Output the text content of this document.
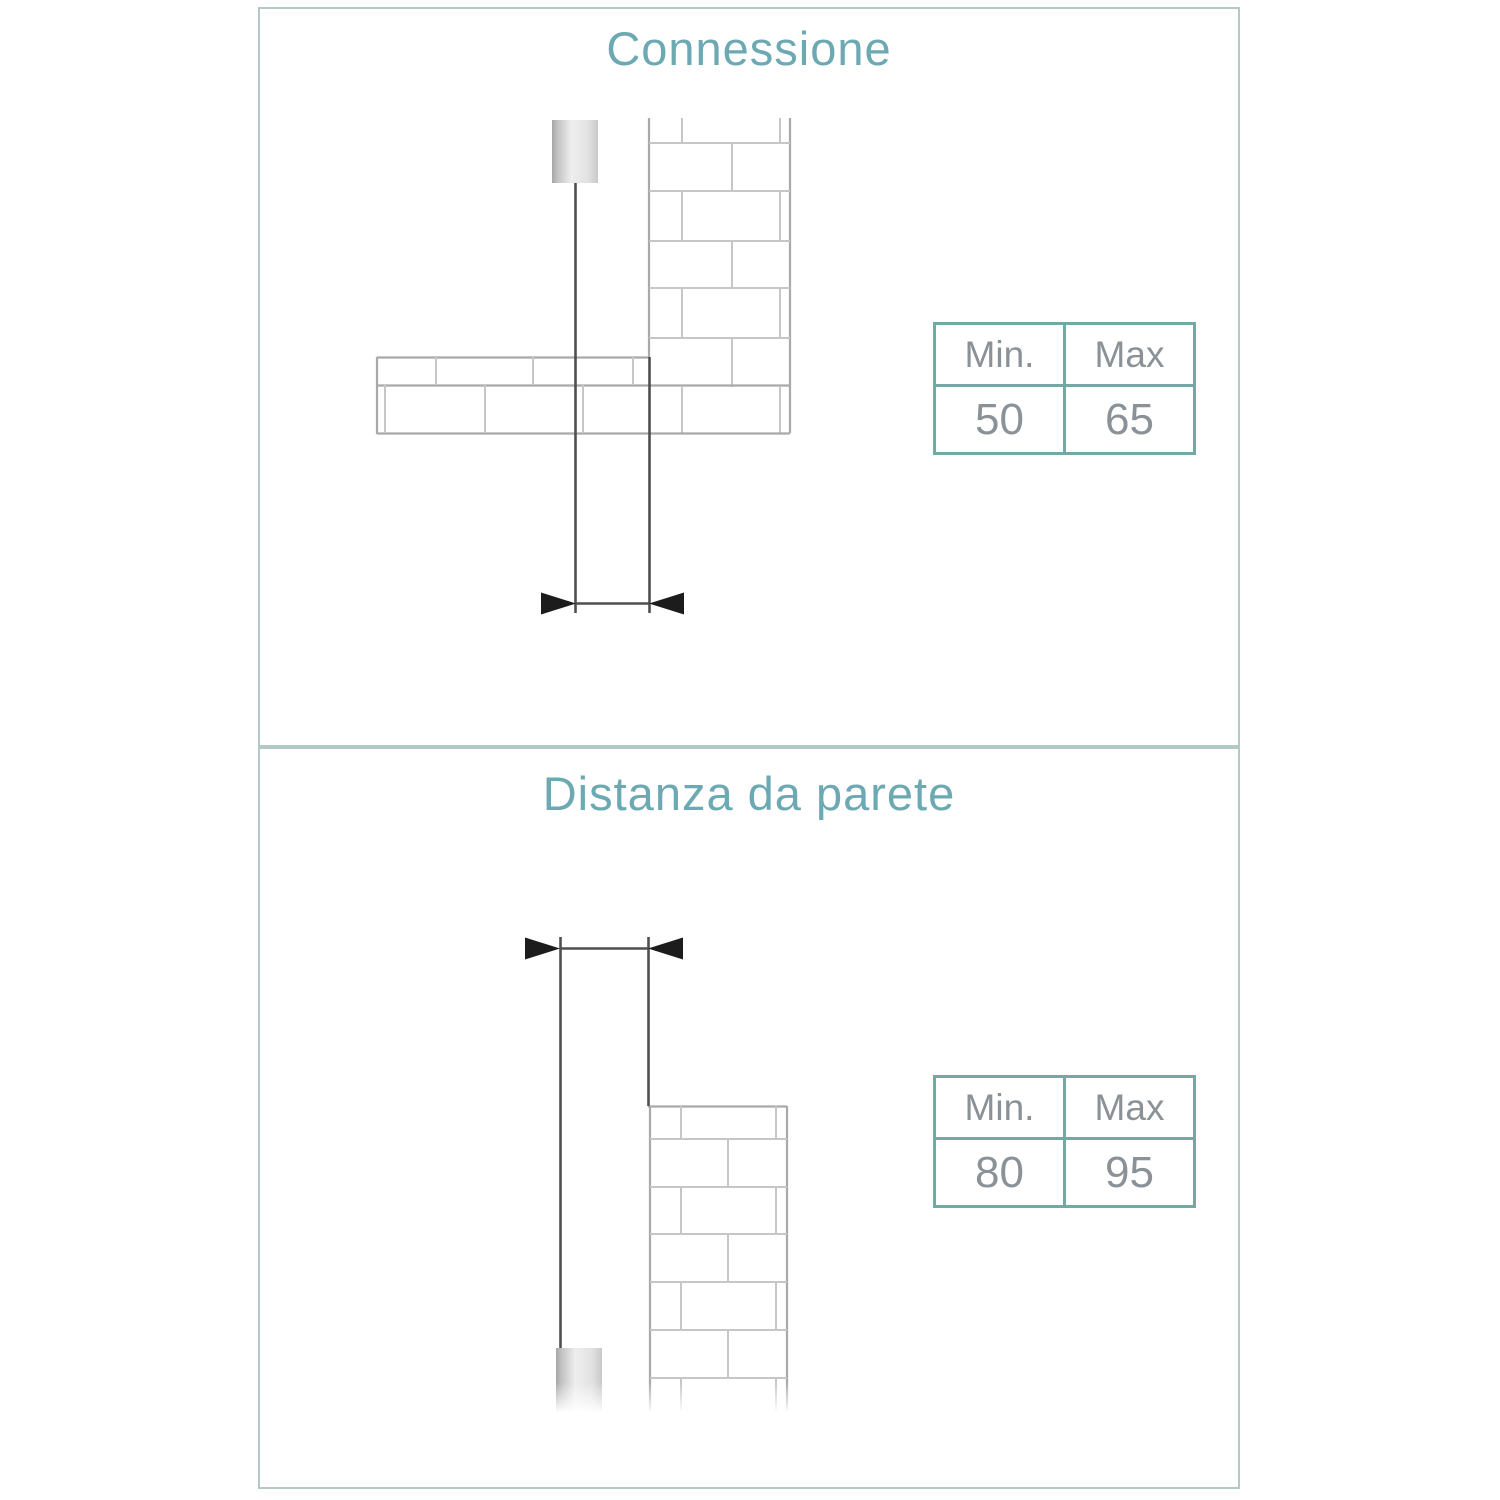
Connessione
Min.	Max
50	65
Distanza da parete
Min.	Max
80	95
